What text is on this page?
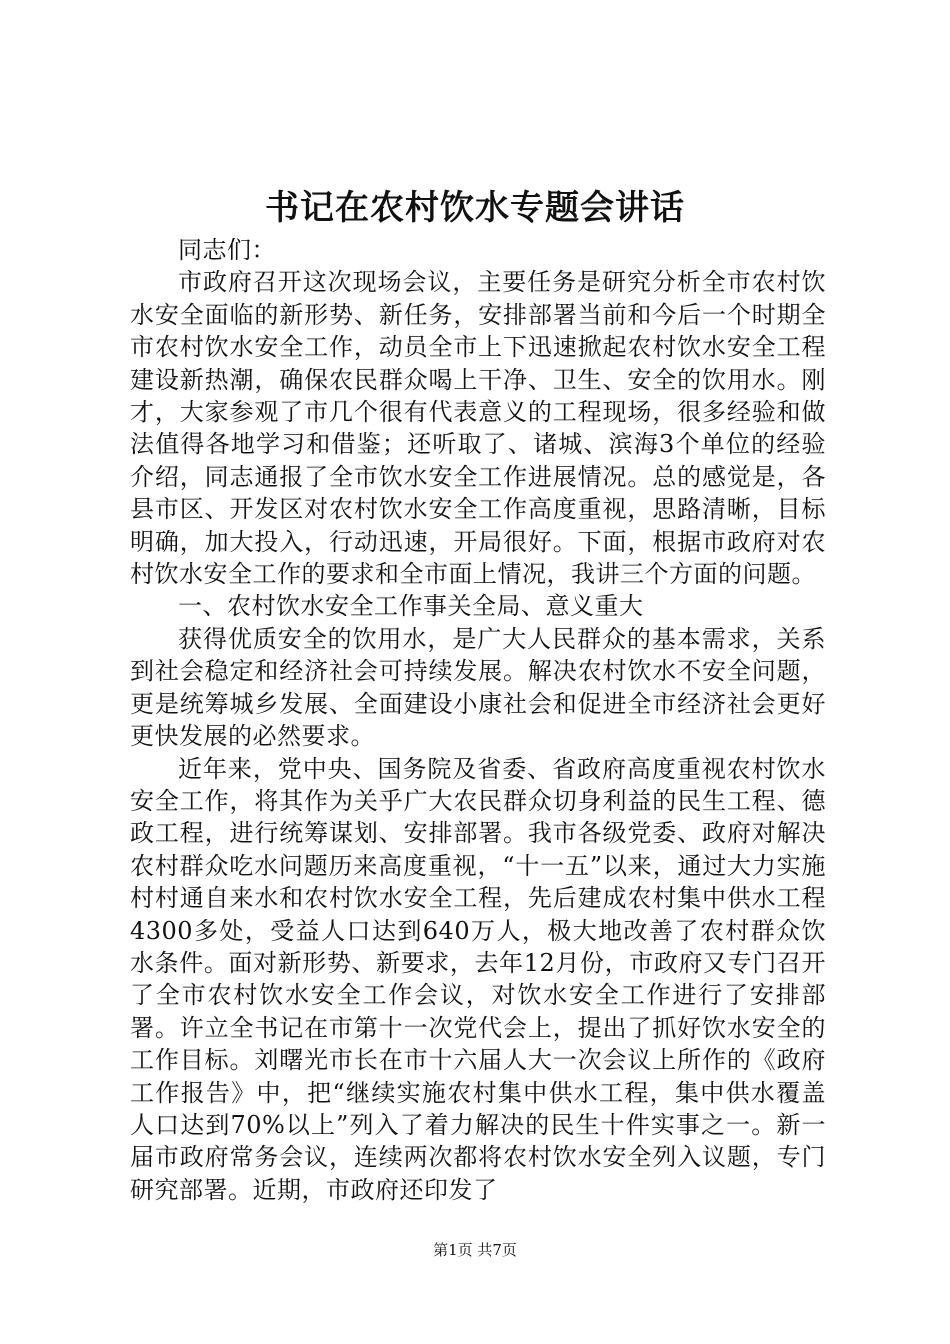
书记在农村饮水专题会讲话

同志们：

市政府召开这次现场会议，主要任务是研究分析全市农村饮水安全面临的新形势、新任务，安排部署当前和今后一个时期全市农村饮水安全工作，动员全市上下迅速掀起农村饮水安全工程建设新热潮，确保农民群众喝上干净、卫生、安全的饮用水。刚才，大家参观了市几个很有代表意义的工程现场，很多经验和做法值得各地学习和借鉴；还听取了、诸城、滨海3个单位的经验介绍，同志通报了全市饮水安全工作进展情况。总的感觉是，各县市区、开发区对农村饮水安全工作高度重视，思路清晰，目标明确，加大投入，行动迅速，开局很好。下面，根据市政府对农村饮水安全工作的要求和全市面上情况，我讲三个方面的问题。

一、农村饮水安全工作事关全局、意义重大

获得优质安全的饮用水，是广大人民群众的基本需求，关系到社会稳定和经济社会可持续发展。解决农村饮水不安全问题，更是统筹城乡发展、全面建设小康社会和促进全市经济社会更好更快发展的必然要求。

近年来，党中央、国务院及省委、省政府高度重视农村饮水安全工作，将其作为关乎广大农民群众切身利益的民生工程、德政工程，进行统筹谋划、安排部署。我市各级党委、政府对解决农村群众吃水问题历来高度重视，“十一五”以来，通过大力实施村村通自来水和农村饮水安全工程，先后建成农村集中供水工程4300多处，受益人口达到640万人，极大地改善了农村群众饮水条件。面对新形势、新要求，去年12月份，市政府又专门召开了全市农村饮水安全工作会议，对饮水安全工作进行了安排部署。许立全书记在市第十一次党代会上，提出了抓好饮水安全的工作目标。刘曙光市长在市十六届人大一次会议上所作的《政府工作报告》中，把“继续实施农村集中供水工程，集中供水覆盖人口达到70%以上”列入了着力解决的民生十件实事之一。新一届市政府常务会议，连续两次都将农村饮水安全列入议题，专门研究部署。近期，市政府还印发了

第1页 共7页
